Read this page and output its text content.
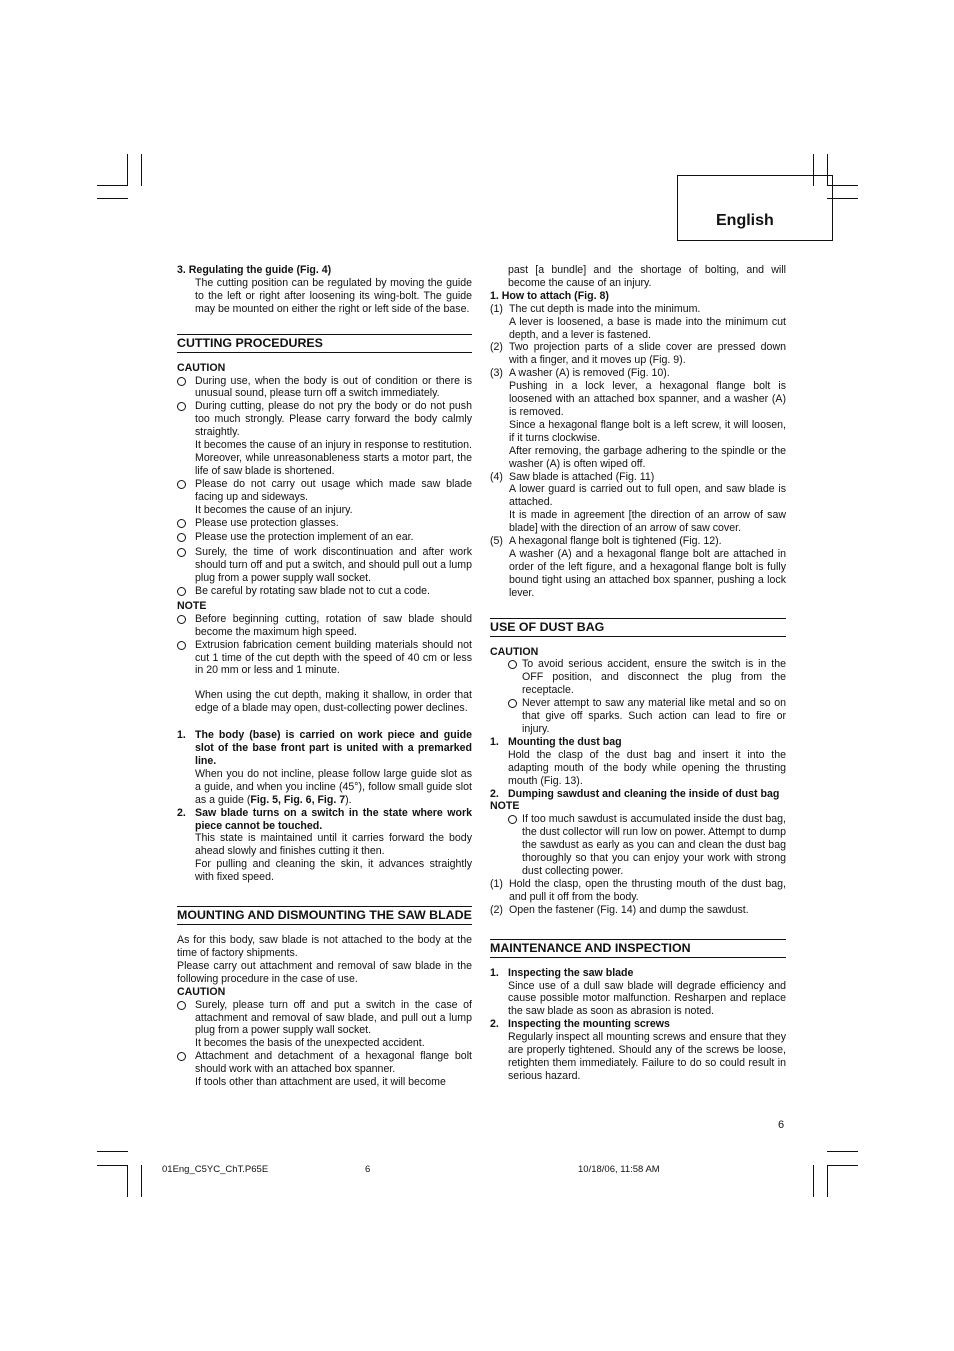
English

3. Regulating the guide (Fig. 4)

The cutting position can be regulated by moving the guide to the left or right after loosening its wing-bolt. The guide may be mounted on either the right or left side of the base.

CUTTING PROCEDURES

CAUTION

During use, when the body is out of condition or there is unusual sound, please turn off a switch immediately.
During cutting, please do not pry the body or do not push too much strongly. Please carry forward the body calmly straightly.

It becomes the cause of an injury in response to restitution. Moreover, while unreasonableness starts a motor part, the life of saw blade is shortened.

Please do not carry out usage which made saw blade facing up and sideways.

It becomes the cause of an injury.

Please use protection glasses.
Please use the protection implement of an ear.
Surely, the time of work discontinuation and after work should turn off and put a switch, and should pull out a lump plug from a power supply wall socket.
Be careful by rotating saw blade not to cut a code.

NOTE

Before beginning cutting, rotation of saw blade should become the maximum high speed.
Extrusion fabrication cement building materials should not cut 1 time of the cut depth with the speed of 40 cm or less in 20 mm or less and 1 minute.

When using the cut depth, making it shallow, in order that edge of a blade may open, dust-collecting power declines.

1. The body (base) is carried on work piece and guide slot of the base front part is united with a premarked line.

When you do not incline, please follow large guide slot as a guide, and when you incline (45°), follow small guide slot as a guide (Fig. 5, Fig. 6, Fig. 7).

2. Saw blade turns on a switch in the state where work piece cannot be touched.

This state is maintained until it carries forward the body ahead slowly and finishes cutting it then.

For pulling and cleaning the skin, it advances straightly with fixed speed.

MOUNTING AND DISMOUNTING THE SAW BLADE

As for this body, saw blade is not attached to the body at the time of factory shipments.

Please carry out attachment and removal of saw blade in the following procedure in the case of use.

CAUTION

Surely, please turn off and put a switch in the case of attachment and removal of saw blade, and pull out a lump plug from a power supply wall socket.

It becomes the basis of the unexpected accident.

Attachment and detachment of a hexagonal flange bolt should work with an attached box spanner.

If tools other than attachment are used, it will become

past [a bundle] and the shortage of bolting, and will become the cause of an injury.

1. How to attach (Fig. 8)

(1) The cut depth is made into the minimum.

A lever is loosened, a base is made into the minimum cut depth, and a lever is fastened.

(2) Two projection parts of a slide cover are pressed down with a finger, and it moves up (Fig. 9).

(3) A washer (A) is removed (Fig. 10).

Pushing in a lock lever, a hexagonal flange bolt is loosened with an attached box spanner, and a washer (A) is removed.

Since a hexagonal flange bolt is a left screw, it will loosen, if it turns clockwise.

After removing, the garbage adhering to the spindle or the washer (A) is often wiped off.

(4) Saw blade is attached (Fig. 11)

A lower guard is carried out to full open, and saw blade is attached.

It is made in agreement [the direction of an arrow of saw blade] with the direction of an arrow of saw cover.

(5) A hexagonal flange bolt is tightened (Fig. 12).

A washer (A) and a hexagonal flange bolt are attached in order of the left figure, and a hexagonal flange bolt is fully bound tight using an attached box spanner, pushing a lock lever.

USE OF DUST BAG

CAUTION

To avoid serious accident, ensure the switch is in the OFF position, and disconnect the plug from the receptacle.
Never attempt to saw any material like metal and so on that give off sparks. Such action can lead to fire or injury.
1. Mounting the dust bag

Hold the clasp of the dust bag and insert it into the adapting mouth of the body while opening the thrusting mouth (Fig. 13).

2. Dumping sawdust and cleaning the inside of dust bag

NOTE

If too much sawdust is accumulated inside the dust bag, the dust collector will run low on power. Attempt to dump the sawdust as early as you can and clean the dust bag thoroughly so that you can enjoy your work with strong dust collecting power.
(1) Hold the clasp, open the thrusting mouth of the dust bag, and pull it off from the body.
(2) Open the fastener (Fig. 14) and dump the sawdust.
MAINTENANCE AND INSPECTION
1. Inspecting the saw blade

Since use of a dull saw blade will degrade efficiency and cause possible motor malfunction. Resharpen and replace the saw blade as soon as abrasion is noted.

2. Inspecting the mounting screws

Regularly inspect all mounting screws and ensure that they are properly tightened. Should any of the screws be loose, retighten them immediately. Failure to do so could result in serious hazard.

6
01Eng_C5YC_ChT.P65E	6	10/18/06, 11:58 AM
